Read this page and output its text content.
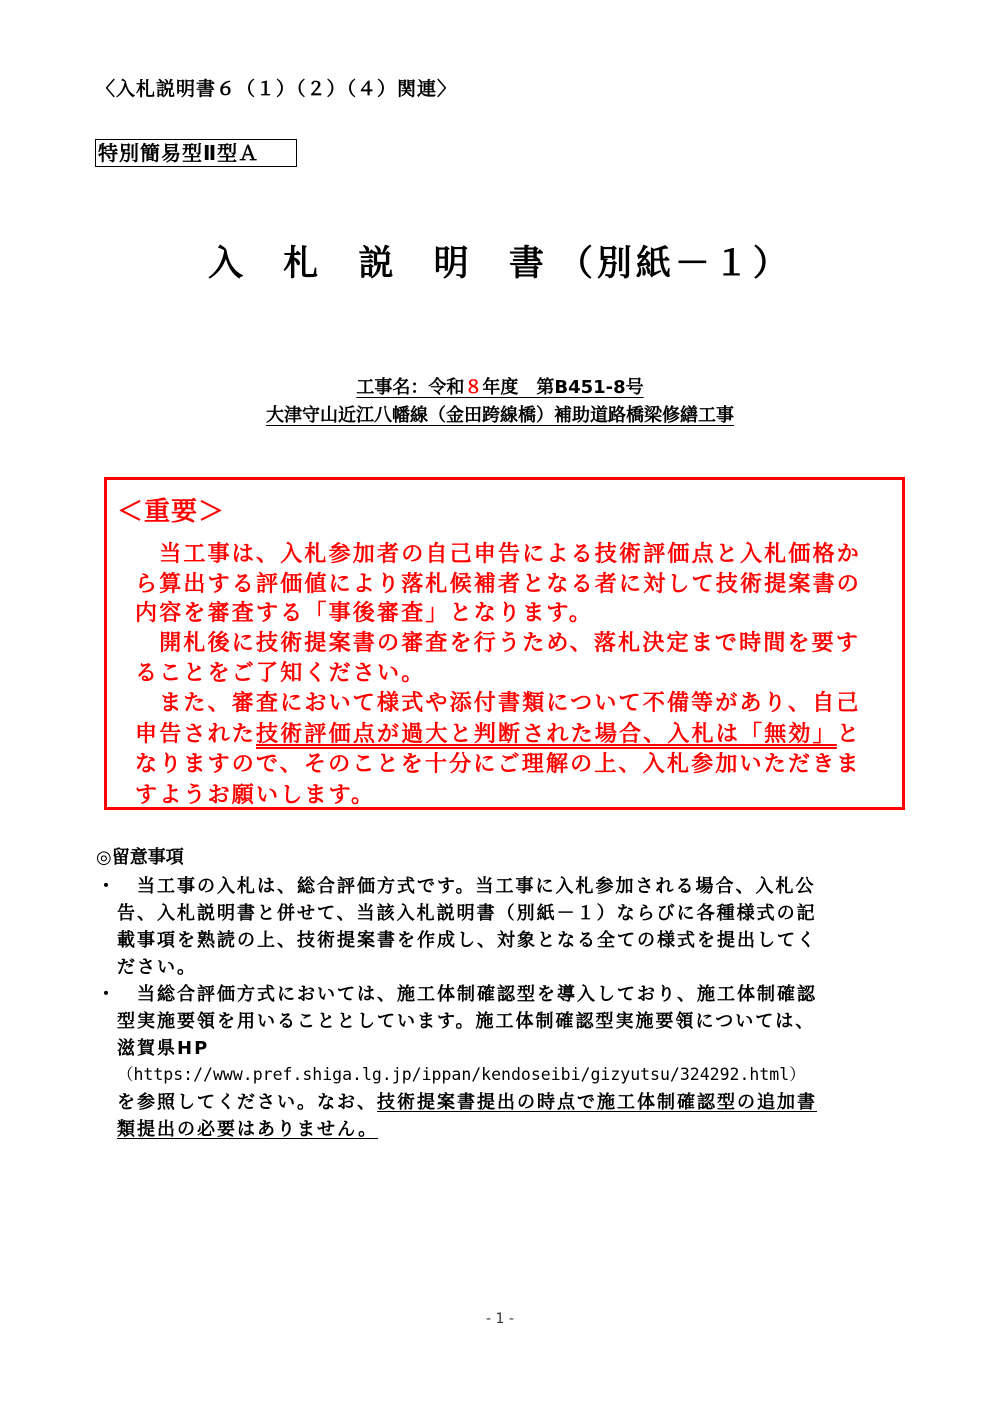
〈入札説明書６（１）（２）（４）関連〉
特別簡易型Ⅱ型Ａ
入 札 説 明 書（別紙－１）
工事名：令和８年度　第B451-8号
大津守山近江八幡線（金田跨線橋）補助道路橋梁修繕工事
＜重要＞
　当工事は、入札参加者の自己申告による技術評価点と入札価格か
ら算出する評価値により落札候補者となる者に対して技術提案書の
内容を審査する「事後審査」となります。
　開札後に技術提案書の審査を行うため、落札決定まで時間を要す
ることをご了知ください。
　また、審査において様式や添付書類について不備等があり、自己
申告された技術評価点が過大と判断された場合、入札は「無効」と
なりますので、そのことを十分にご理解の上、入札参加いただきま
すようお願いします。
◎留意事項
・ 　当工事の入札は、総合評価方式です。当工事に入札参加される場合、入札公
告、入札説明書と併せて、当該入札説明書（別紙－１）ならびに各種様式の記
載事項を熟読の上、技術提案書を作成し、対象となる全ての様式を提出してく
ださい。
・ 　当総合評価方式においては、施工体制確認型を導入しており、施工体制確認
型実施要領を用いることとしています。施工体制確認型実施要領については、
滋賀県HP
（https://www.pref.shiga.lg.jp/ippan/kendoseibi/gizyutsu/324292.html）
を参照してください。なお、技術提案書提出の時点で施工体制確認型の追加書
類提出の必要はありません。
- 1 -
